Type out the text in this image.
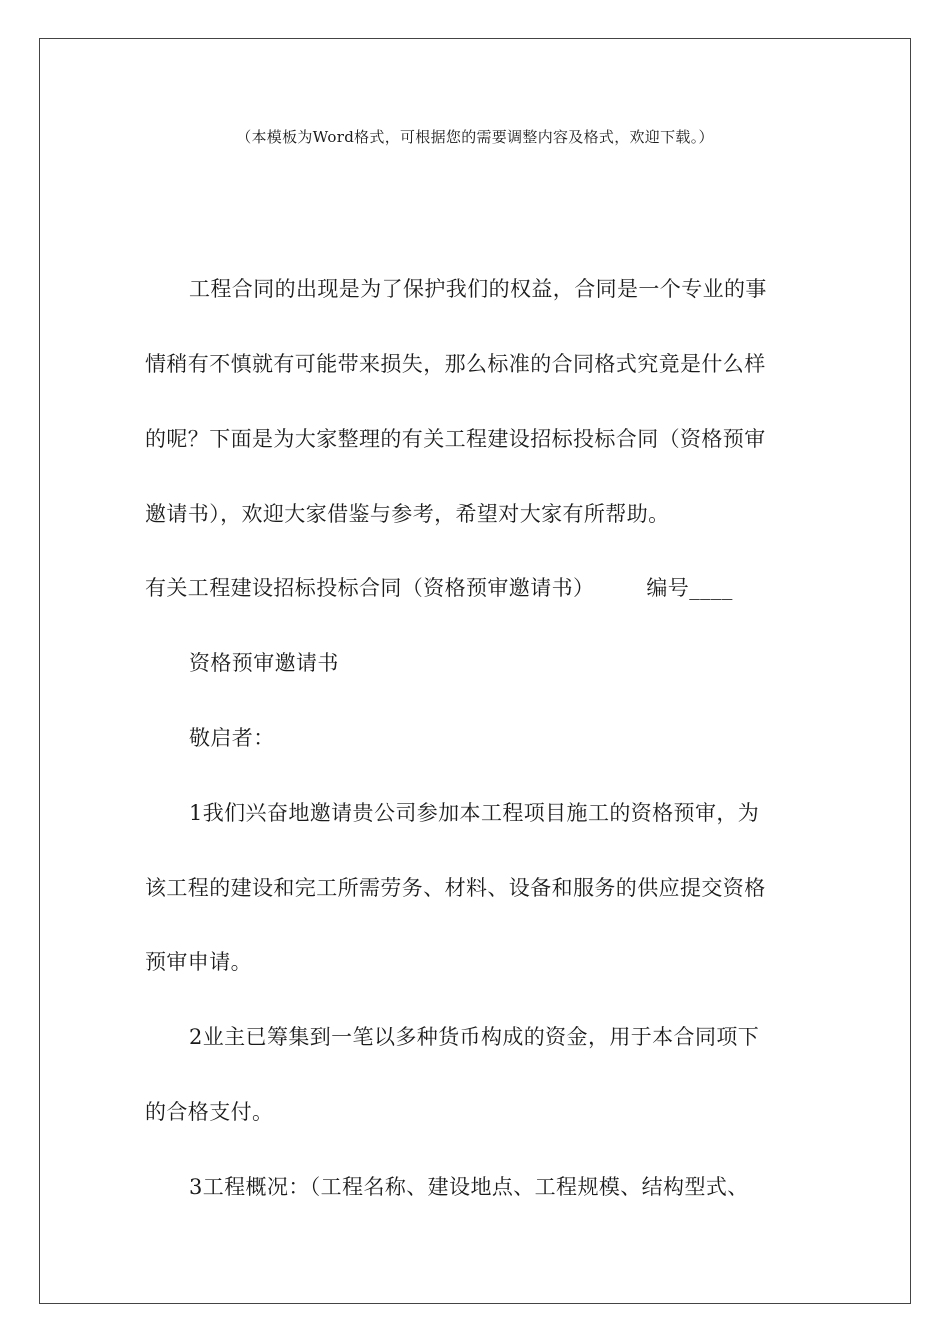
（本模板为Word格式，可根据您的需要调整内容及格式，欢迎下载。）
工程合同的出现是为了保护我们的权益，合同是一个专业的事
情稍有不慎就有可能带来损失，那么标准的合同格式究竟是什么样
的呢？下面是为大家整理的有关工程建设招标投标合同（资格预审
邀请书），欢迎大家借鉴与参考，希望对大家有所帮助。
有关工程建设招标投标合同（资格预审邀请书） 编号____
资格预审邀请书
敬启者：
1我们兴奋地邀请贵公司参加本工程项目施工的资格预审，为
该工程的建设和完工所需劳务、材料、设备和服务的供应提交资格
预审申请。
2业主已筹集到一笔以多种货币构成的资金，用于本合同项下
的合格支付。
3工程概况：（工程名称、建设地点、工程规模、结构型式、
